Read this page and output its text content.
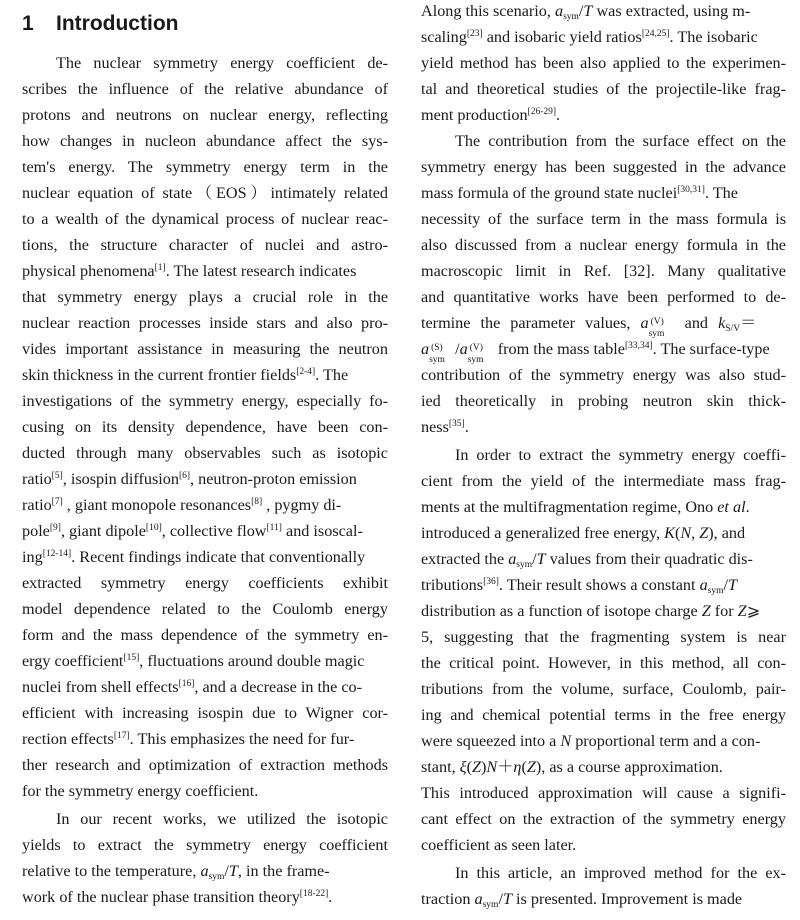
1 Introduction
The nuclear symmetry energy coefficient de-
scribes the influence of the relative abundance of
protons and neutrons on nuclear energy, reflecting
how changes in nucleon abundance affect the sys-
tem's energy. The symmetry energy term in the
nuclear equation of state（EOS）intimately related
to a wealth of the dynamical process of nuclear reac-
tions, the structure character of nuclei and astro-
physical phenomena[1]. The latest research indicates
that symmetry energy plays a crucial role in the
nuclear reaction processes inside stars and also pro-
vides important assistance in measuring the neutron
skin thickness in the current frontier fields[2-4]. The
investigations of the symmetry energy, especially fo-
cusing on its density dependence, have been con-
ducted through many observables such as isotopic
ratio[5], isospin diffusion[6], neutron-proton emission
ratio[7] , giant monopole resonances[8] , pygmy di-
pole[9], giant dipole[10], collective flow[11] and isoscal-
ing[12-14]. Recent findings indicate that conventionally
extracted symmetry energy coefficients exhibit
model dependence related to the Coulomb energy
form and the mass dependence of the symmetry en-
ergy coefficient[15], fluctuations around double magic
nuclei from shell effects[16], and a decrease in the co-
efficient with increasing isospin due to Wigner cor-
rection effects[17]. This emphasizes the need for fur-
ther research and optimization of extraction methods
for the symmetry energy coefficient.
In our recent works, we utilized the isotopic
yields to extract the symmetry energy coefficient
relative to the temperature, $a_{sym}/T$, in the frame-
work of the nuclear phase transition theory[18-22].
Along this scenario, $a_{sym}/T$ was extracted, using m-
scaling[23] and isobaric yield ratios[24,25]. The isobaric
yield method has been also applied to the experimen-
tal and theoretical studies of the projectile-like frag-
ment production[26-29].
The contribution from the surface effect on the
symmetry energy has been suggested in the advance
mass formula of the ground state nuclei[30,31]. The
necessity of the surface term in the mass formula is
also discussed from a nuclear energy formula in the
macroscopic limit in Ref. [32]. Many qualitative
and quantitative works have been performed to de-
termine the parameter values, a (V)
sym
and $k_{S/V}=$
a (S)
sym
/a (V)
sym
from the mass table[33,34]. The surface-type
contribution of the symmetry energy was also stud-
ied theoretically in probing neutron skin thick-
ness[35].
In order to extract the symmetry energy coeffi-
cient from the yield of the intermediate mass frag-
ments at the multifragmentation regime, Ono et al.
introduced a generalized free energy, K(N, Z), and
extracted the $a_{sym}/T$ values from their quadratic dis-
tributions[36]. Their result shows a constant $a_{sym}/T$
distribution as a function of isotope charge Z for Z⩾
5, suggesting that the fragmenting system is near
the critical point. However, in this method, all con-
tributions from the volume, surface, Coulomb, pair-
ing and chemical potential terms in the free energy
were squeezed into a N proportional term and a con-
stant, ξ(Z)N＋η(Z), as a course approximation.
This introduced approximation will cause a signifi-
cant effect on the extraction of the symmetry energy
coefficient as seen later.
In this article, an improved method for the ex-
traction $a_{sym}/T$ is presented. Improvement is made
